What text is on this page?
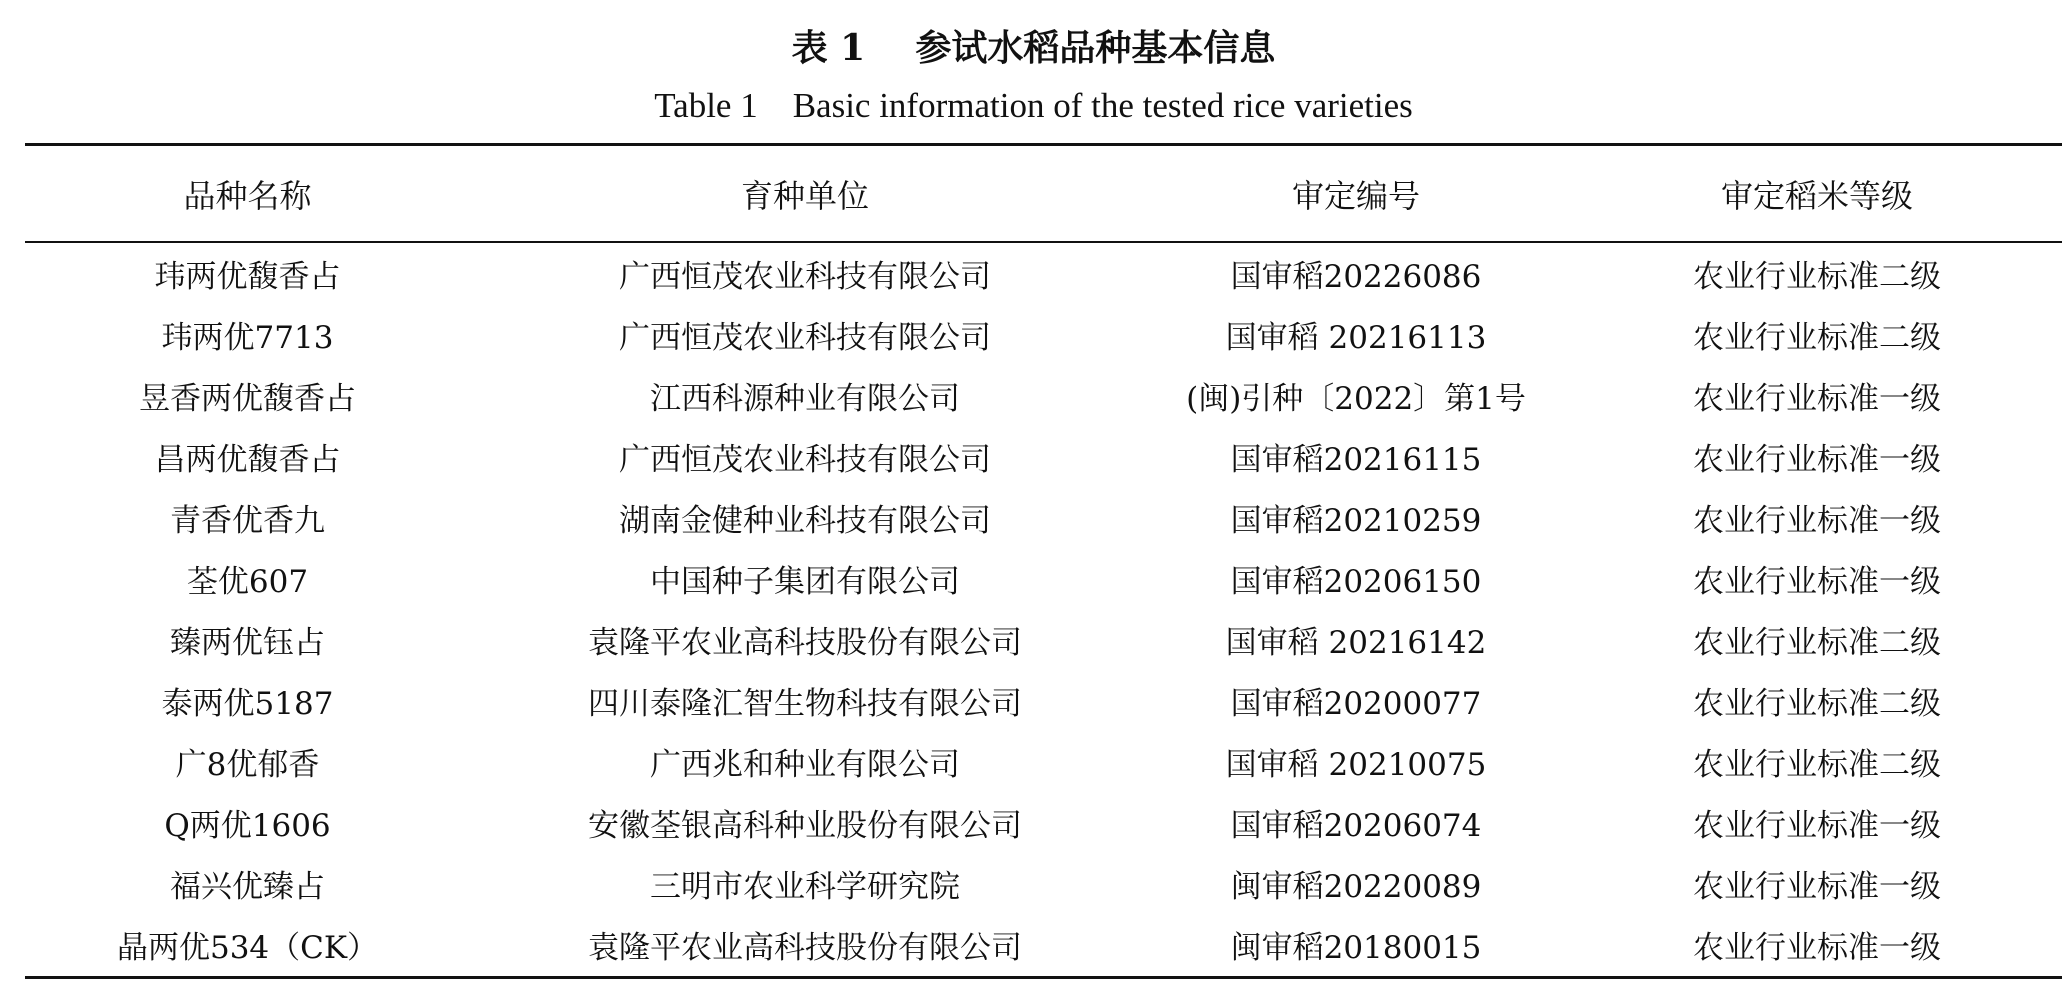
表 1    参试水稻品种基本信息
Table 1    Basic information of the tested rice varieties
品种名称	育种单位	审定编号	审定稻米等级
玮两优馥香占	广西恒茂农业科技有限公司	国审稻20226086	农业行业标准二级
玮两优7713	广西恒茂农业科技有限公司	国审稻 20216113	农业行业标准二级
昱香两优馥香占	江西科源种业有限公司	(闽)引种〔2022〕第1号	农业行业标准一级
昌两优馥香占	广西恒茂农业科技有限公司	国审稻20216115	农业行业标准一级
青香优香九	湖南金健种业科技有限公司	国审稻20210259	农业行业标准一级
荃优607	中国种子集团有限公司	国审稻20206150	农业行业标准一级
臻两优钰占	袁隆平农业高科技股份有限公司	国审稻 20216142	农业行业标准二级
泰两优5187	四川泰隆汇智生物科技有限公司	国审稻20200077	农业行业标准二级
广8优郁香	广西兆和种业有限公司	国审稻 20210075	农业行业标准二级
Q两优1606	安徽荃银高科种业股份有限公司	国审稻20206074	农业行业标准一级
福兴优臻占	三明市农业科学研究院	闽审稻20220089	农业行业标准一级
晶两优534（CK）	袁隆平农业高科技股份有限公司	闽审稻20180015	农业行业标准一级
